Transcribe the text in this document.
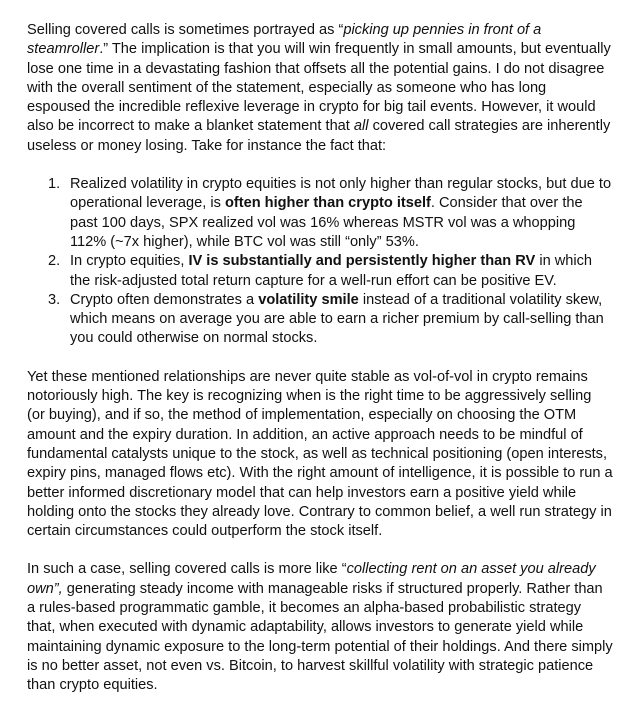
Selling covered calls is sometimes portrayed as “picking up pennies in front of a steamroller.” The implication is that you will win frequently in small amounts, but eventually lose one time in a devastating fashion that offsets all the potential gains. I do not disagree with the overall sentiment of the statement, especially as someone who has long espoused the incredible reflexive leverage in crypto for big tail events. However, it would also be incorrect to make a blanket statement that all covered call strategies are inherently useless or money losing. Take for instance the fact that:

1. Realized volatility in crypto equities is not only higher than regular stocks, but due to operational leverage, is often higher than crypto itself. Consider that over the past 100 days, SPX realized vol was 16% whereas MSTR vol was a whopping 112% (~7x higher), while BTC vol was still “only” 53%.
2. In crypto equities, IV is substantially and persistently higher than RV in which the risk-adjusted total return capture for a well-run effort can be positive EV.
3. Crypto often demonstrates a volatility smile instead of a traditional volatility skew, which means on average you are able to earn a richer premium by call-selling than you could otherwise on normal stocks.

Yet these mentioned relationships are never quite stable as vol-of-vol in crypto remains notoriously high. The key is recognizing when is the right time to be aggressively selling (or buying), and if so, the method of implementation, especially on choosing the OTM amount and the expiry duration. In addition, an active approach needs to be mindful of fundamental catalysts unique to the stock, as well as technical positioning (open interests, expiry pins, managed flows etc). With the right amount of intelligence, it is possible to run a better informed discretionary model that can help investors earn a positive yield while holding onto the stocks they already love. Contrary to common belief, a well run strategy in certain circumstances could outperform the stock itself.

In such a case, selling covered calls is more like “collecting rent on an asset you already own”, generating steady income with manageable risks if structured properly. Rather than a rules-based programmatic gamble, it becomes an alpha-based probabilistic strategy that, when executed with dynamic adaptability, allows investors to generate yield while maintaining dynamic exposure to the long-term potential of their holdings. And there simply is no better asset, not even vs. Bitcoin, to harvest skillful volatility with strategic patience than crypto equities.
